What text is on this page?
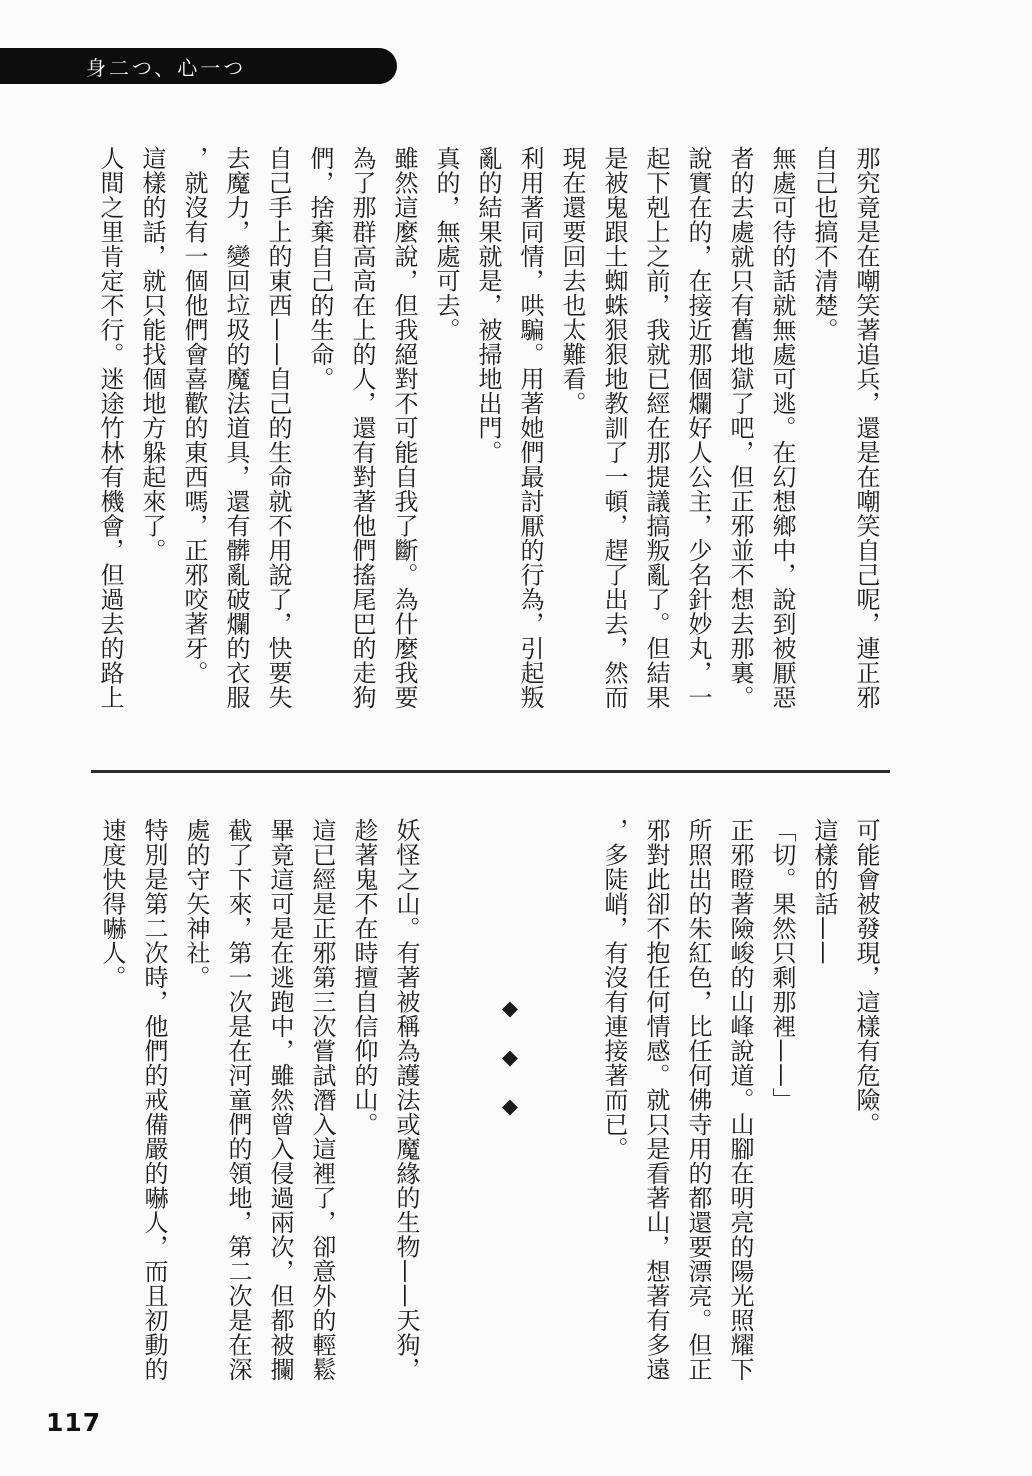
身二つ、心一つ

那究竟是在嘲笑著追兵，還是在嘲笑自己呢，連正邪

自己也搞不清楚。

無處可待的話就無處可逃。在幻想鄉中，說到被厭惡

者的去處就只有舊地獄了吧，但正邪並不想去那裏。

說實在的，在接近那個爛好人公主，少名針妙丸，一

起下剋上之前，我就已經在那提議搞叛亂了。但結果

是被鬼跟土蜘蛛狠狠地教訓了一頓，趕了出去，然而

現在還要回去也太難看。

利用著同情，哄騙。用著她們最討厭的行為，引起叛

亂的結果就是，被掃地出門。

真的，無處可去。

雖然這麼說，但我絕對不可能自我了斷。為什麼我要

為了那群高高在上的人，還有對著他們搖尾巴的走狗

們，捨棄自己的生命。

自己手上的東西——自己的生命就不用說了，快要失

去魔力，變回垃圾的魔法道具，還有髒亂破爛的衣服

，就沒有一個他們會喜歡的東西嗎，正邪咬著牙。

這樣的話，就只能找個地方躲起來了。

人間之里肯定不行。迷途竹林有機會，但過去的路上

可能會被發現，這樣有危險。

這樣的話——

「切。果然只剩那裡——」

正邪瞪著險峻的山峰說道。山腳在明亮的陽光照耀下

所照出的朱紅色，比任何佛寺用的都還要漂亮。但正

邪對此卻不抱任何情感。就只是看著山，想著有多遠

，多陡峭，有沒有連接著而已。

◆◆◆

妖怪之山。有著被稱為護法或魔緣的生物——天狗，

趁著鬼不在時擅自信仰的山。

這已經是正邪第三次嘗試潛入這裡了，卻意外的輕鬆

畢竟這可是在逃跑中，雖然曾入侵過兩次，但都被攔

截了下來，第一次是在河童們的領地，第二次是在深

處的守矢神社。

特別是第二次時，他們的戒備嚴的嚇人，而且初動的

速度快得嚇人。

117
